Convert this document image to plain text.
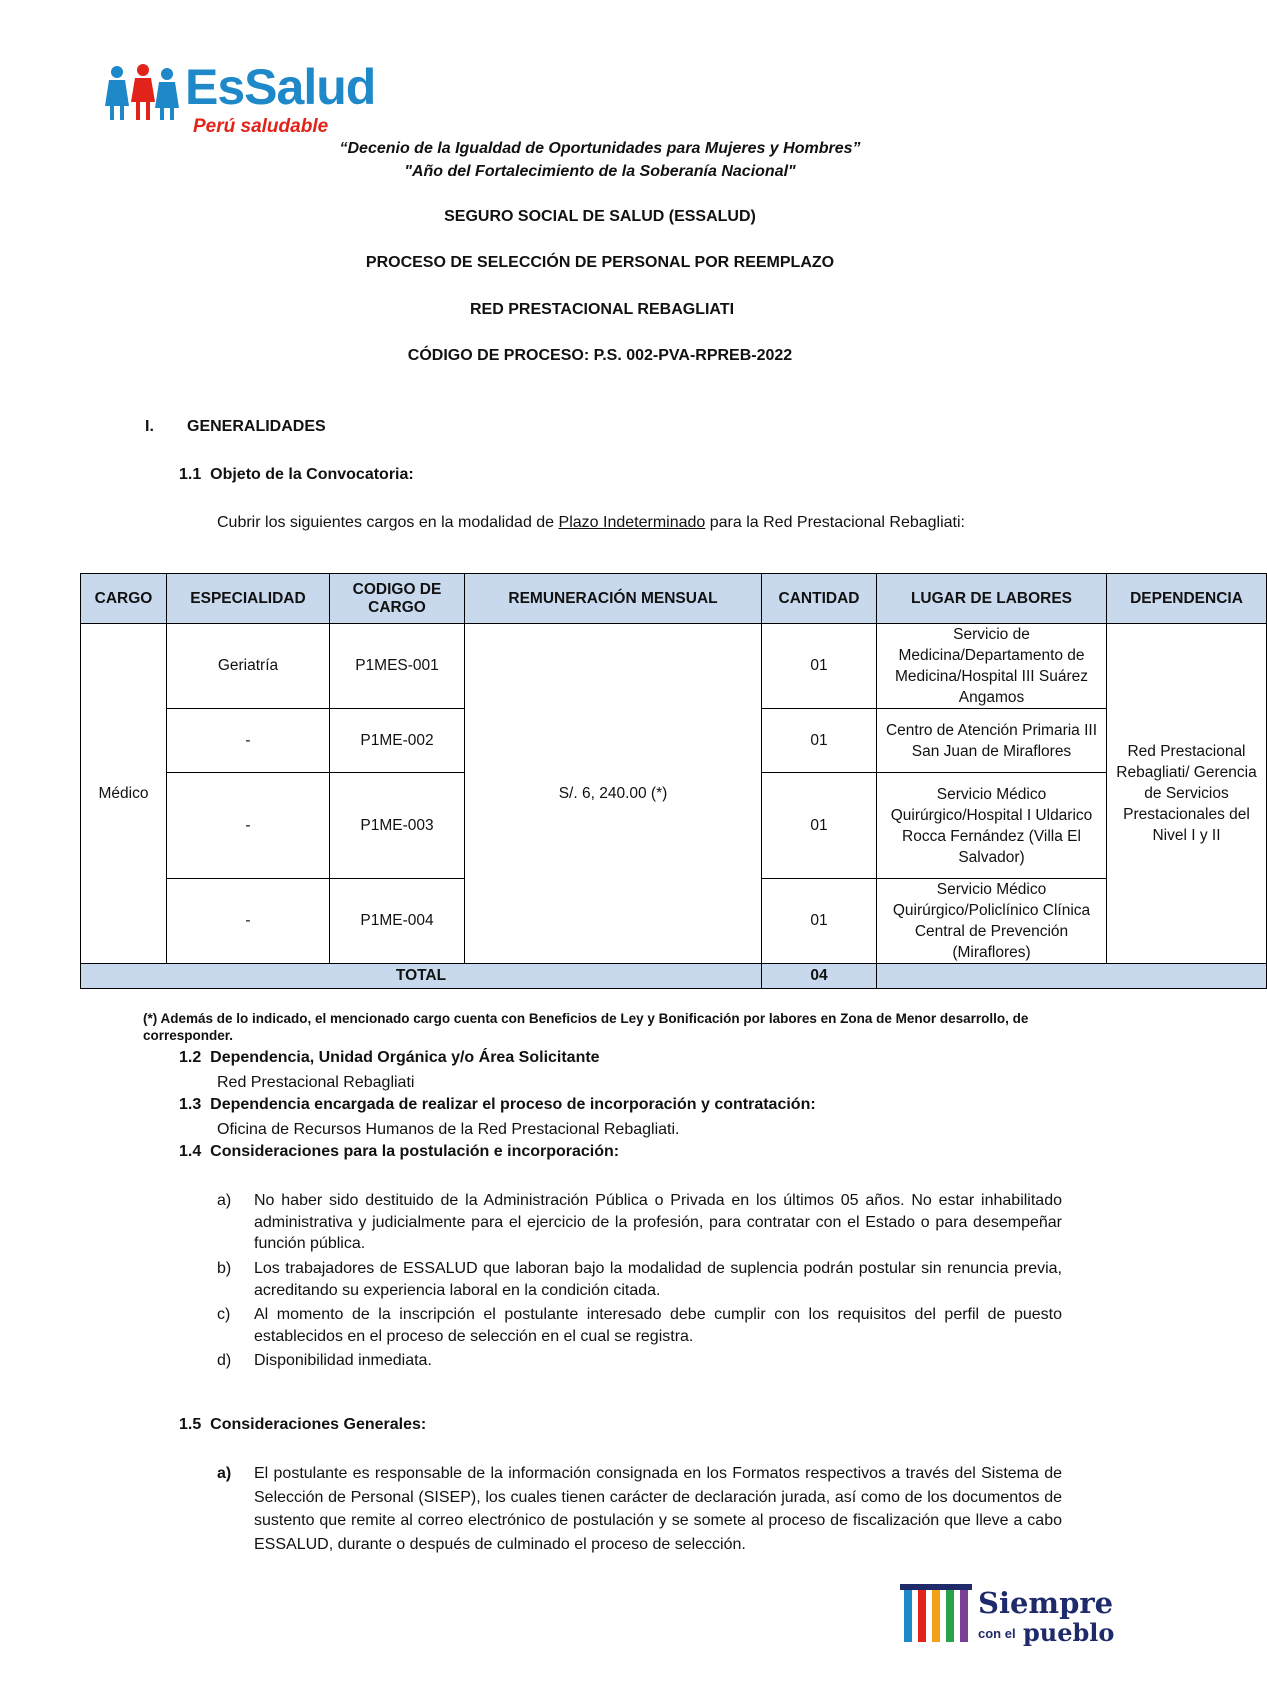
EsSalud
Perú saludable
“Decenio de la Igualdad de Oportunidades para Mujeres y Hombres”
"Año del Fortalecimiento de la Soberanía Nacional"
SEGURO SOCIAL DE SALUD (ESSALUD)
PROCESO DE SELECCIÓN DE PERSONAL POR REEMPLAZO
RED PRESTACIONAL REBAGLIATI
CÓDIGO DE PROCESO: P.S. 002-PVA-RPREB-2022
I. GENERALIDADES
1.1 Objeto de la Convocatoria:
Cubrir los siguientes cargos en la modalidad de Plazo Indeterminado para la Red Prestacional Rebagliati:
CARGO	ESPECIALIDAD	CODIGO DE CARGO	REMUNERACIÓN MENSUAL	CANTIDAD	LUGAR DE LABORES	DEPENDENCIA
Médico	Geriatría	P1MES-001	S/. 6, 240.00 (*)	01	Servicio de Medicina/Departamento de Medicina/Hospital III Suárez Angamos	Red Prestacional Rebagliati/ Gerencia de Servicios Prestacionales del Nivel I y II
	-	P1ME-002		01	Centro de Atención Primaria III San Juan de Miraflores	
	-	P1ME-003		01	Servicio Médico Quirúrgico/Hospital I Uldarico Rocca Fernández (Villa El Salvador)	
	-	P1ME-004		01	Servicio Médico Quirúrgico/Policlínico Clínica Central de Prevención (Miraflores)	
TOTAL				04		
(*) Además de lo indicado, el mencionado cargo cuenta con Beneficios de Ley y Bonificación por labores en Zona de Menor desarrollo, de corresponder.
1.2 Dependencia, Unidad Orgánica y/o Área Solicitante
Red Prestacional Rebagliati
1.3 Dependencia encargada de realizar el proceso de incorporación y contratación:
Oficina de Recursos Humanos de la Red Prestacional Rebagliati.
1.4 Consideraciones para la postulación e incorporación:
a)	No haber sido destituido de la Administración Pública o Privada en los últimos 05 años. No estar inhabilitado administrativa y judicialmente para el ejercicio de la profesión, para contratar con el Estado o para desempeñar función pública.
b)	Los trabajadores de ESSALUD que laboran bajo la modalidad de suplencia podrán postular sin renuncia previa, acreditando su experiencia laboral en la condición citada.
c)	Al momento de la inscripción el postulante interesado debe cumplir con los requisitos del perfil de puesto establecidos en el proceso de selección en el cual se registra.
d)	Disponibilidad inmediata.
1.5 Consideraciones Generales:
a)	El postulante es responsable de la información consignada en los Formatos respectivos a través del Sistema de Selección de Personal (SISEP), los cuales tienen carácter de declaración jurada, así como de los documentos de sustento que remite al correo electrónico de postulación y se somete al proceso de fiscalización que lleve a cabo ESSALUD, durante o después de culminado el proceso de selección.
Siempre
con el pueblo
